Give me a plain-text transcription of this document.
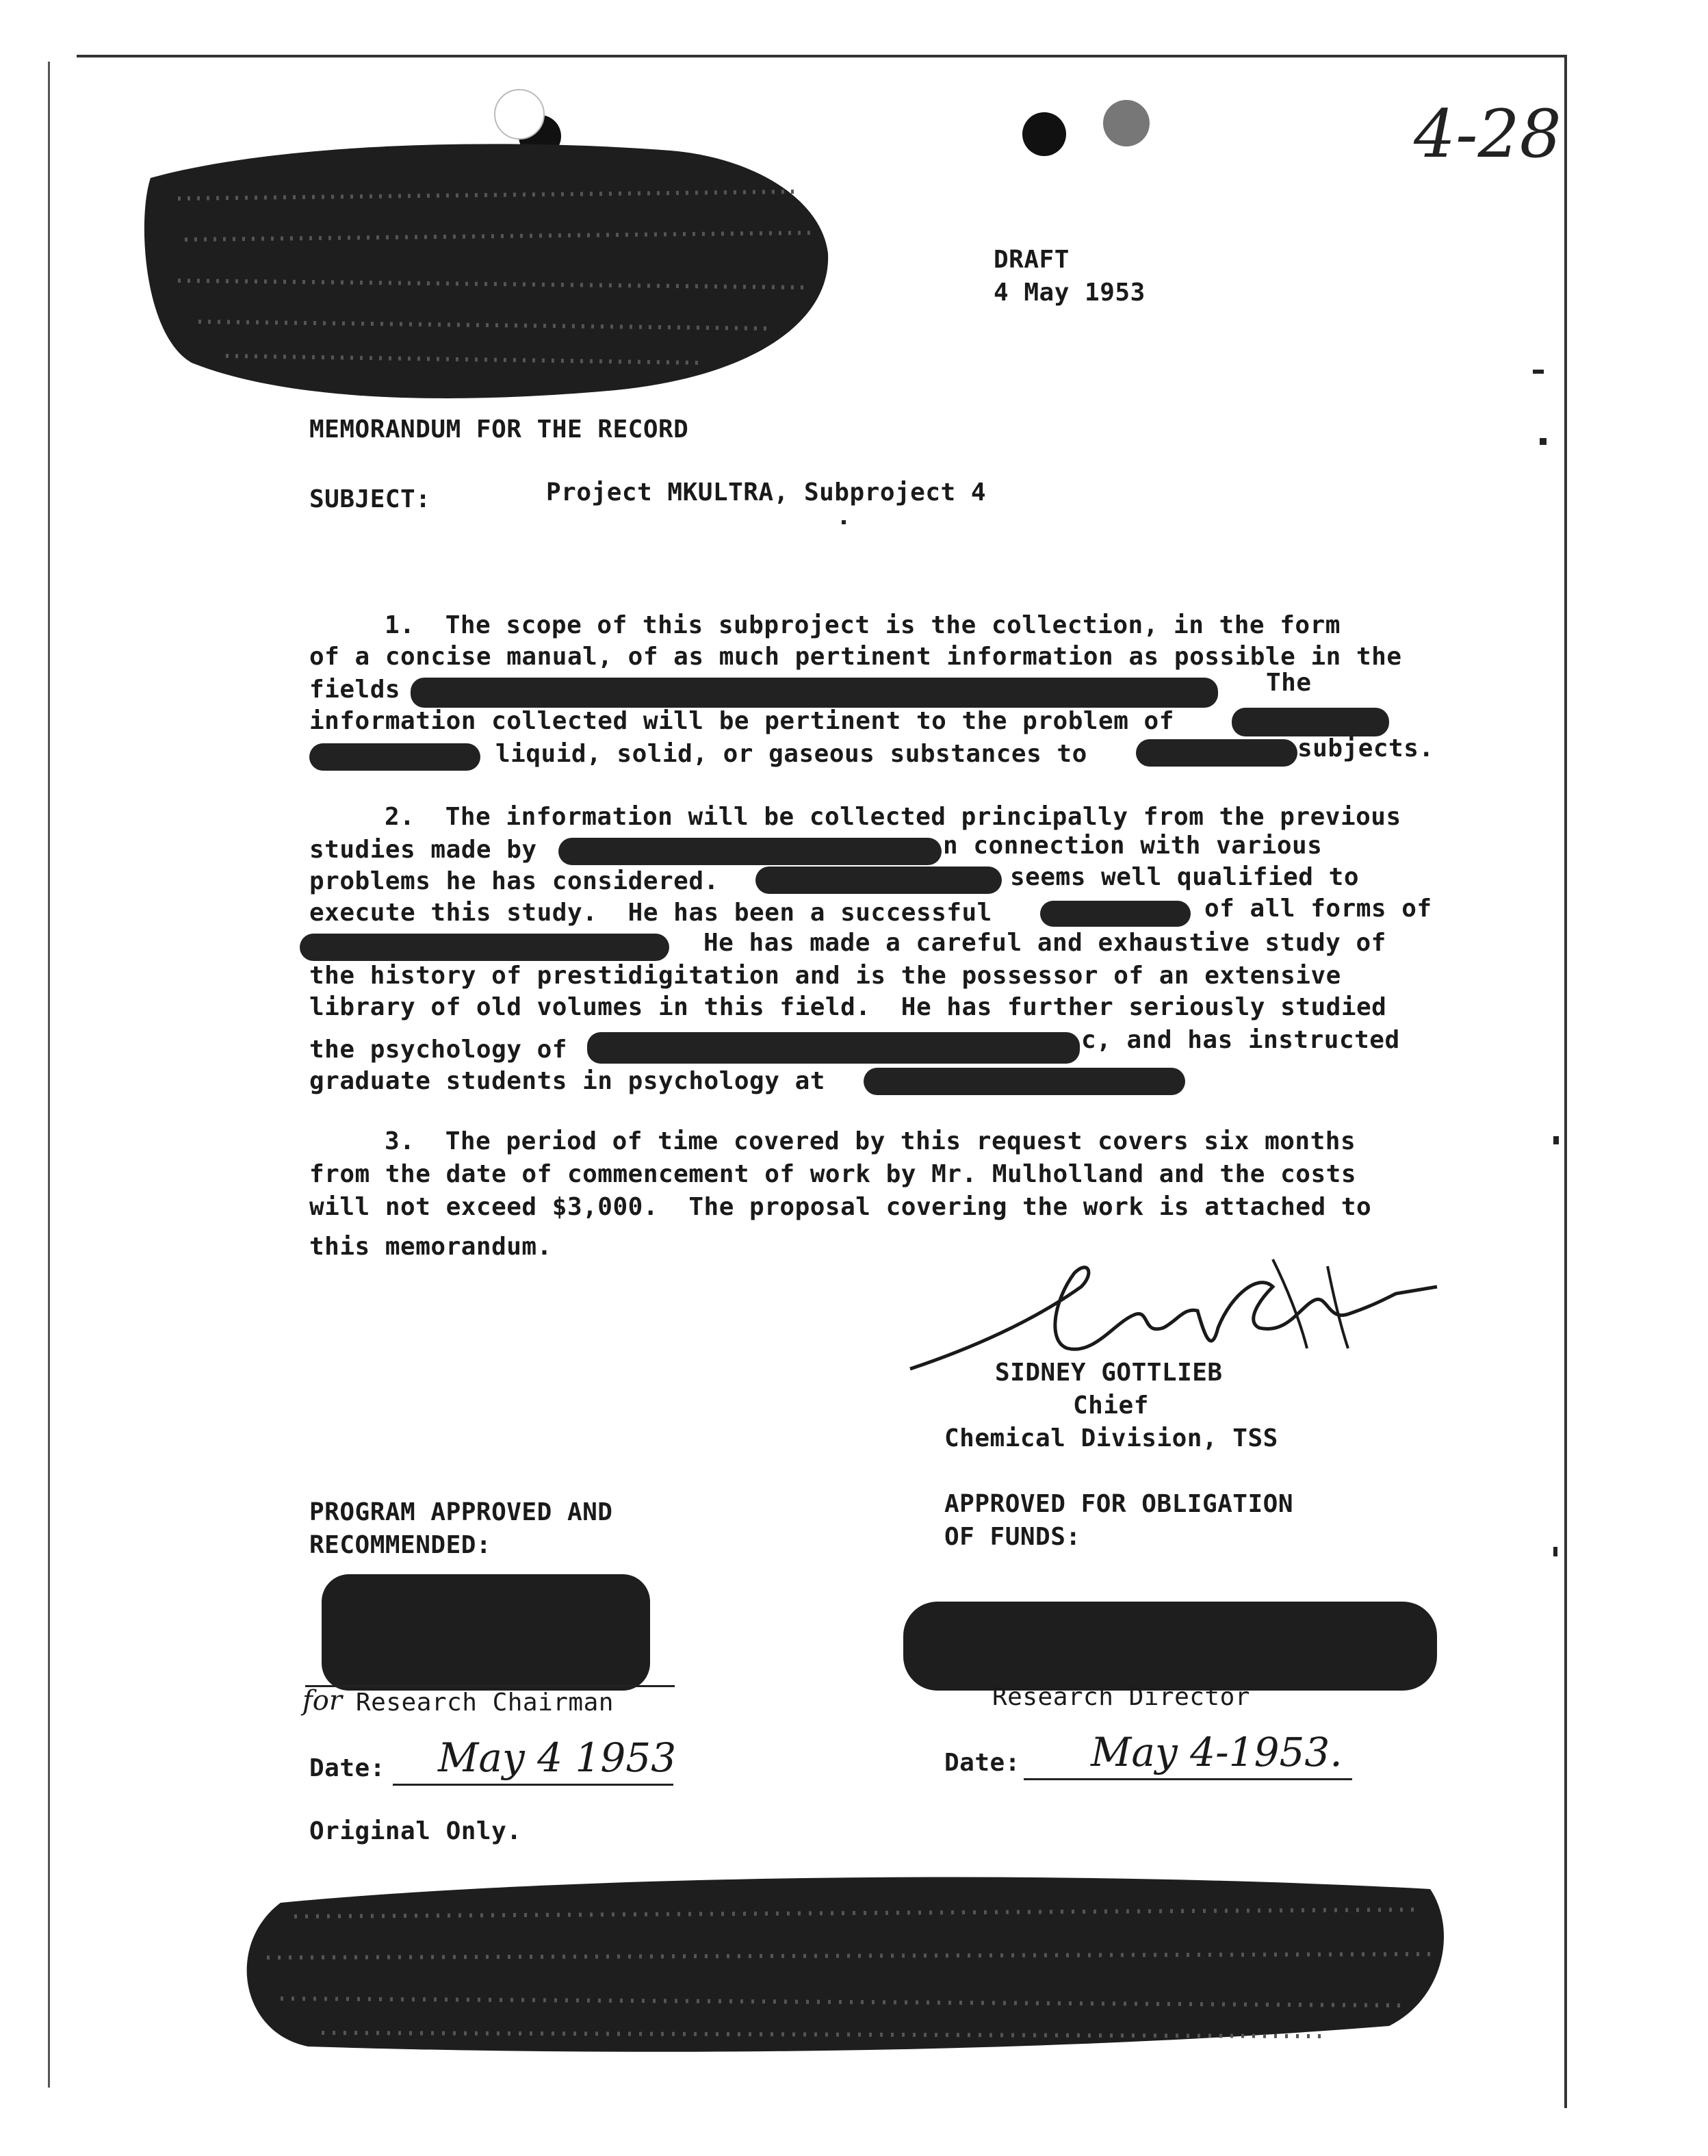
4-28
DRAFT
4 May 1953
MEMORANDUM FOR THE RECORD
SUBJECT:	Project MKULTRA, Subproject 4
1.  The scope of this subproject is the collection, in the form
of a concise manual, of as much pertinent information as possible in the
fields	The
information collected will be pertinent to the problem of
liquid, solid, or gaseous substances to	subjects.
2.  The information will be collected principally from the previous
studies made by	n connection with various
problems he has considered.	seems well qualified to
execute this study.  He has been a successful	of all forms of
He has made a careful and exhaustive study of
the history of prestidigitation and is the possessor of an extensive
library of old volumes in this field.  He has further seriously studied
the psychology of	c, and has instructed
graduate students in psychology at
3.  The period of time covered by this request covers six months
from the date of commencement of work by Mr. Mulholland and the costs
will not exceed $3,000.  The proposal covering the work is attached to
this memorandum.
SIDNEY GOTTLIEB
Chief
Chemical Division, TSS
PROGRAM APPROVED AND
RECOMMENDED:
APPROVED FOR OBLIGATION
OF FUNDS:
for Research Chairman	Research Director
Date: May 4 1953	Date: May 4-1953.
Original Only.
